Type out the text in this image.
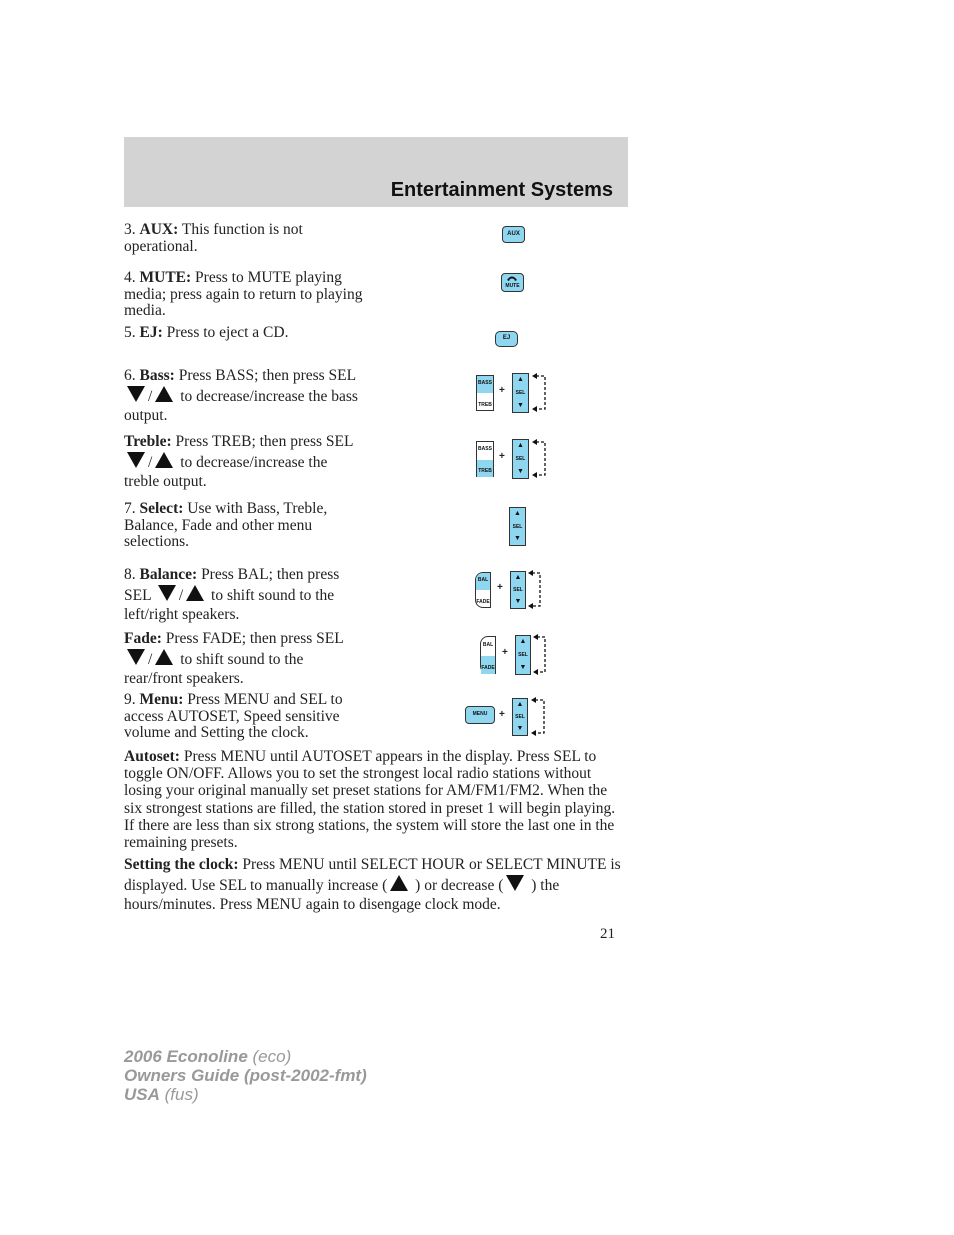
Entertainment Systems
3. AUX: This function is not operational.
AUX
4. MUTE: Press to MUTE playing media; press again to return to playing media.
MUTE
5. EJ: Press to eject a CD.	EJ
6. Bass: Press BASS; then press SEL / to decrease/increase the bass output.
BASS
TREB
+
▲
SEL
▼
Treble: Press TREB; then press SEL / to decrease/increase the treble output.
BASS
TREB
+
▲
SEL
▼
7. Select: Use with Bass, Treble, Balance, Fade and other menu selections.
▲
SEL
▼
8. Balance: Press BAL; then press SEL / to shift sound to the left/right speakers.
BAL
FADE
+
▲
SEL
▼
Fade: Press FADE; then press SEL / to shift sound to the rear/front speakers.
BAL
FADE
+
▲
SEL
▼
9. Menu: Press MENU and SEL to access AUTOSET, Speed sensitive volume and Setting the clock.
MENU	+
▲
SEL
▼
Autoset: Press MENU until AUTOSET appears in the display. Press SEL to toggle ON/OFF. Allows you to set the strongest local radio stations without losing your original manually set preset stations for AM/FM1/FM2. When the six strongest stations are filled, the station stored in preset 1 will begin playing. If there are less than six strong stations, the system will store the last one in the remaining presets.
Setting the clock: Press MENU until SELECT HOUR or SELECT MINUTE is displayed. Use SEL to manually increase ( ) or decrease ( ) the hours/minutes. Press MENU again to disengage clock mode.
21
2006 Econoline (eco)
Owners Guide (post-2002-fmt)
USA (fus)
